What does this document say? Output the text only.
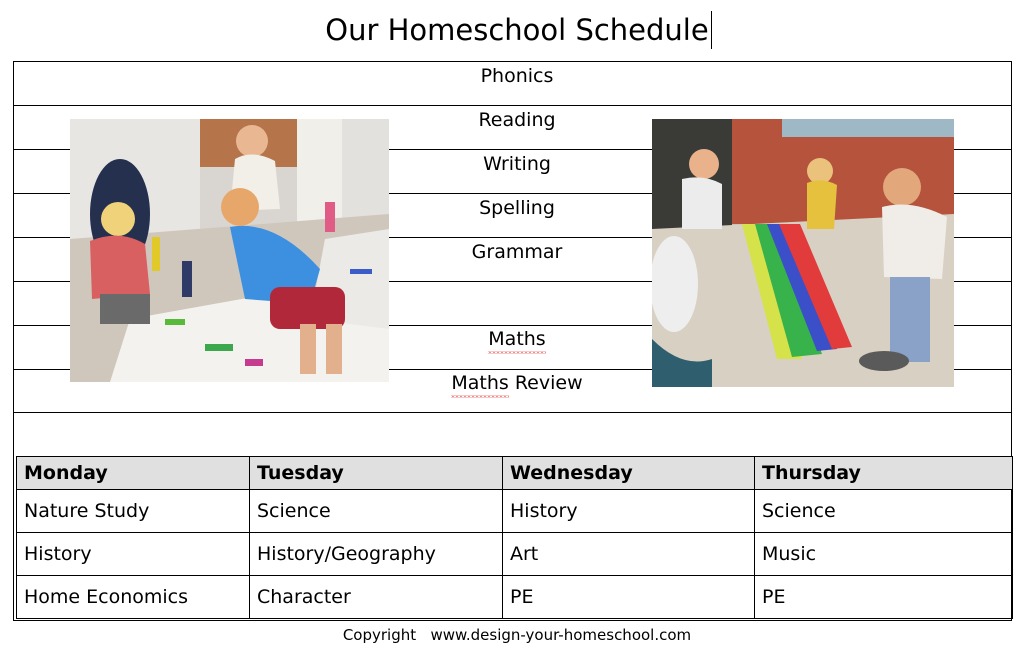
Our Homeschool Schedule
Phonics
Reading
Writing
Spelling
Grammar
Maths
Maths Review
Monday	Tuesday	Wednesday	Thursday
Nature Study	Science	History	Science
History	History/Geography	Art	Music
Home Economics	Character	PE	PE
Copyright www.design-your-homeschool.com
